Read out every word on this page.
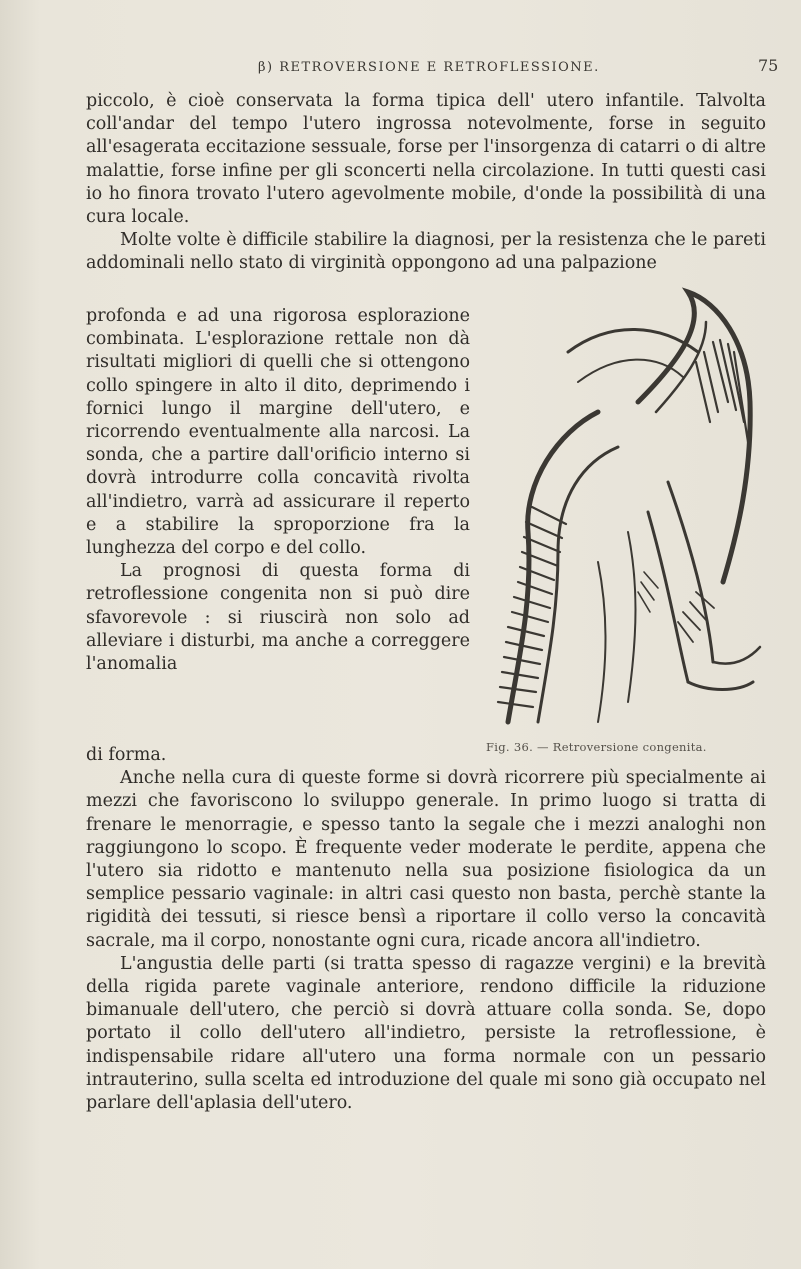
β) RETROVERSIONE E RETROFLESSIONE.	75

piccolo, è cioè conservata la forma tipica dell' utero infantile. Talvolta coll'andar del tempo l'utero ingrossa notevolmente, forse in seguito all'esagerata eccitazione sessuale, forse per l'insorgenza di catarri o di altre malattie, forse infine per gli sconcerti nella circolazione. In tutti questi casi io ho finora trovato l'utero agevolmente mobile, d'onde la possibilità di una cura locale.

Molte volte è difficile stabilire la diagnosi, per la resistenza che le pareti addominali nello stato di virginità oppongono ad una palpazione

profonda e ad una rigorosa esplorazione combinata. L'esplorazione rettale non dà risultati migliori di quelli che si ottengono collo spingere in alto il dito, deprimendo i fornici lungo il margine dell'utero, e ricorrendo eventualmente alla narcosi. La sonda, che a partire dall'orificio interno si dovrà introdurre colla concavità rivolta all'indietro, varrà ad assicurare il reperto e a stabilire la sproporzione fra la lunghezza del corpo e del collo.

La prognosi di questa forma di retroflessione congenita non si può dire sfavorevole : si riuscirà non solo ad alleviare i disturbi, ma anche a correggere l'anomalia

Fig. 36. — Retroversione congenita.

di forma.

Anche nella cura di queste forme si dovrà ricorrere più specialmente ai mezzi che favoriscono lo sviluppo generale. In primo luogo si tratta di frenare le menorragie, e spesso tanto la segale che i mezzi analoghi non raggiungono lo scopo. È frequente veder moderate le perdite, appena che l'utero sia ridotto e mantenuto nella sua posizione fisiologica da un semplice pessario vaginale: in altri casi questo non basta, perchè stante la rigidità dei tessuti, si riesce bensì a riportare il collo verso la concavità sacrale, ma il corpo, nonostante ogni cura, ricade ancora all'indietro.

L'angustia delle parti (si tratta spesso di ragazze vergini) e la brevità della rigida parete vaginale anteriore, rendono difficile la riduzione bimanuale dell'utero, che perciò si dovrà attuare colla sonda. Se, dopo portato il collo dell'utero all'indietro, persiste la retroflessione, è indispensabile ridare all'utero una forma normale con un pessario intrauterino, sulla scelta ed introduzione del quale mi sono già occupato nel parlare dell'aplasia dell'utero.
